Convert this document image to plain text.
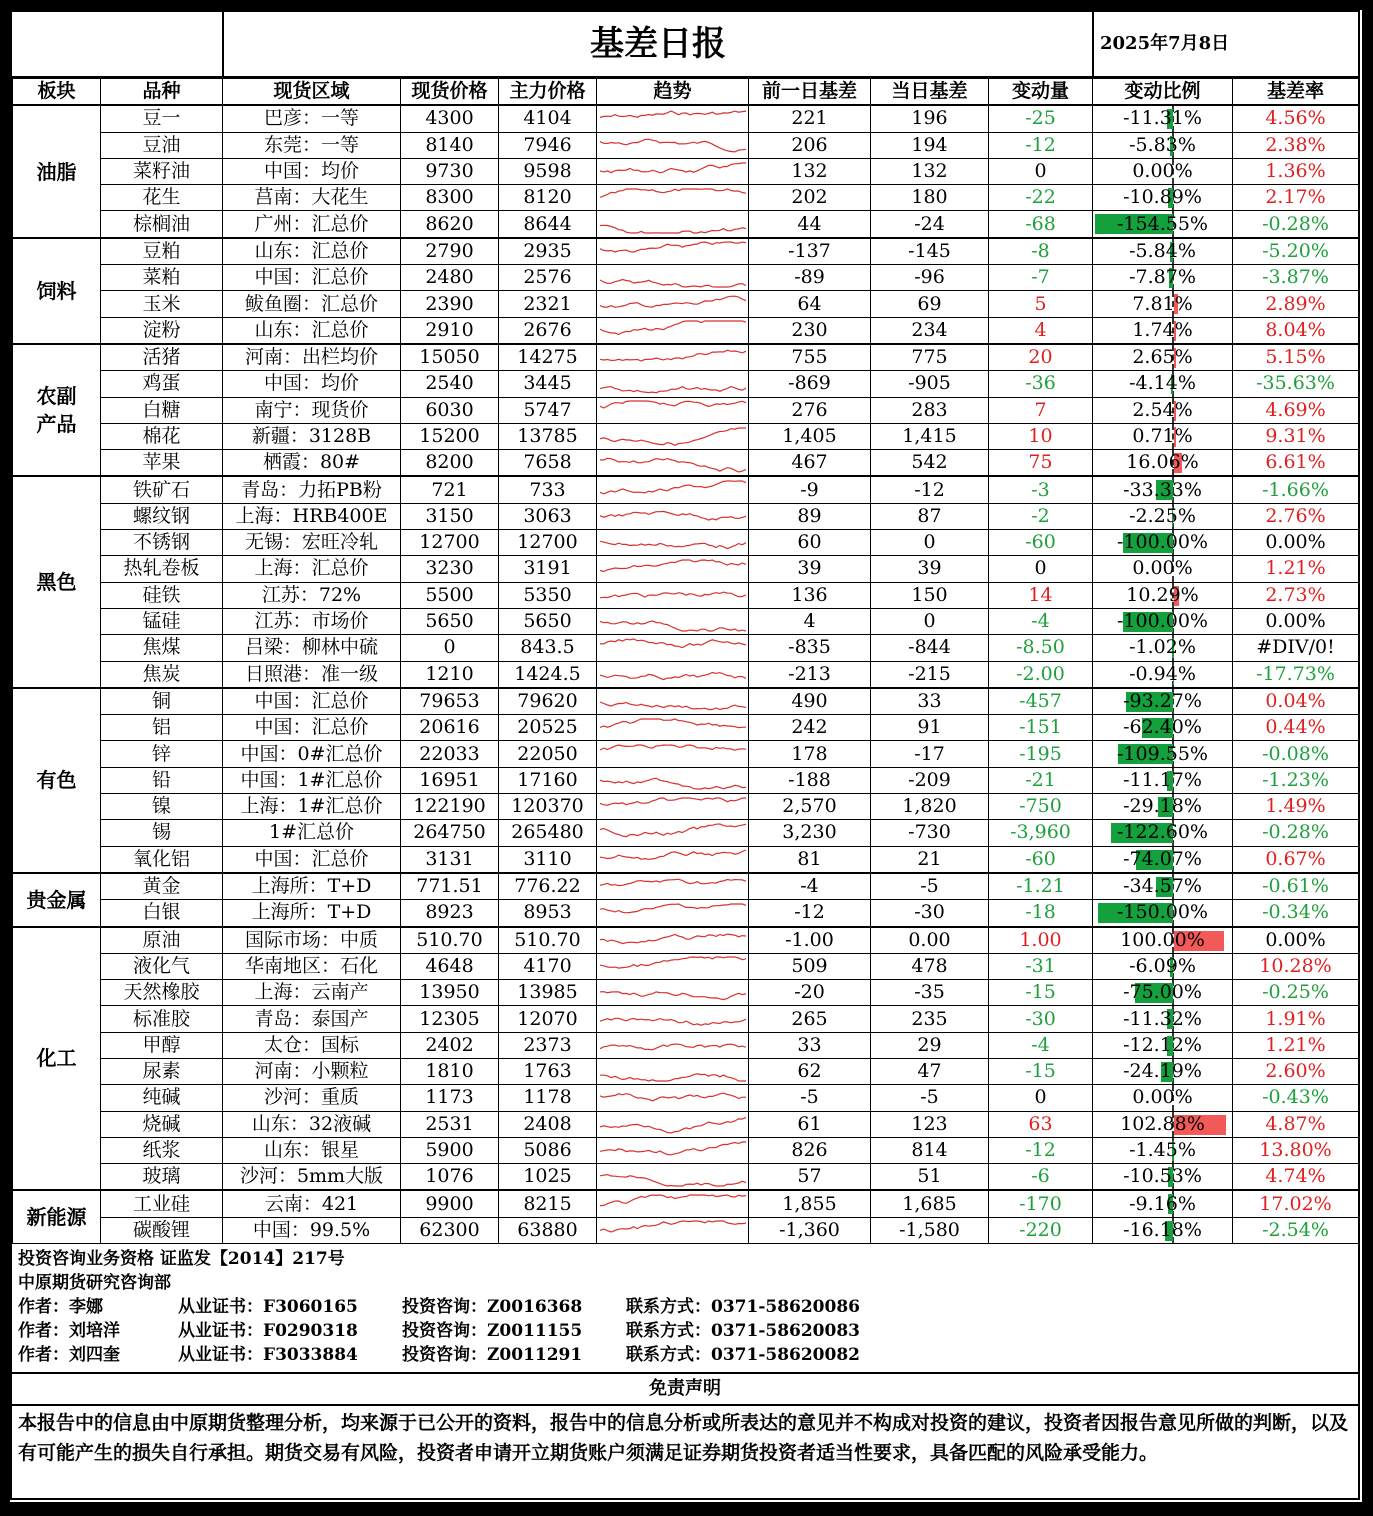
基差日报	2025年7月8日
板块	品种	现货区域	现货价格	主力价格	趋势	前一日基差	当日基差	变动量	变动比例	基差率
油脂	豆一	巴彦：一等	4300	4104		221	196	-25	-11.31%	4.56%
	豆油	东莞：一等	8140	7946		206	194	-12	-5.83%	2.38%
	菜籽油	中国：均价	9730	9598		132	132	0	0.00%	1.36%
	花生	莒南：大花生	8300	8120		202	180	-22	-10.89%	2.17%
	棕榈油	广州：汇总价	8620	8644		44	-24	-68	-154.55%	-0.28%
饲料	豆粕	山东：汇总价	2790	2935		-137	-145	-8	-5.84%	-5.20%
	菜粕	中国：汇总价	2480	2576		-89	-96	-7	-7.87%	-3.87%
	玉米	鲅鱼圈：汇总价	2390	2321		64	69	5	7.81%	2.89%
	淀粉	山东：汇总价	2910	2676		230	234	4	1.74%	8.04%
农副
产品	活猪	河南：出栏均价	15050	14275		755	775	20	2.65%	5.15%
	鸡蛋	中国：均价	2540	3445		-869	-905	-36	-4.14%	-35.63%
	白糖	南宁：现货价	6030	5747		276	283	7	2.54%	4.69%
	棉花	新疆：3128B	15200	13785		1,405	1,415	10	0.71%	9.31%
	苹果	栖霞：80#	8200	7658		467	542	75	16.06%	6.61%
黑色	铁矿石	青岛：力拓PB粉	721	733		-9	-12	-3	-33.33%	-1.66%
	螺纹钢	上海：HRB400E	3150	3063		89	87	-2	-2.25%	2.76%
	不锈钢	无锡：宏旺冷轧	12700	12700		60	0	-60	-100.00%	0.00%
	热轧卷板	上海：汇总价	3230	3191		39	39	0	0.00%	1.21%
	硅铁	江苏：72%	5500	5350		136	150	14	10.29%	2.73%
	锰硅	江苏：市场价	5650	5650		4	0	-4	-100.00%	0.00%
	焦煤	吕梁：柳林中硫	0	843.5		-835	-844	-8.50	-1.02%	#DIV/0!
	焦炭	日照港：准一级	1210	1424.5		-213	-215	-2.00	-0.94%	-17.73%
有色	铜	中国：汇总价	79653	79620		490	33	-457	-93.27%	0.04%
	铝	中国：汇总价	20616	20525		242	91	-151	-62.40%	0.44%
	锌	中国：0#汇总价	22033	22050		178	-17	-195	-109.55%	-0.08%
	铅	中国：1#汇总价	16951	17160		-188	-209	-21	-11.17%	-1.23%
	镍	上海：1#汇总价	122190	120370		2,570	1,820	-750	-29.18%	1.49%
	锡	1#汇总价	264750	265480		3,230	-730	-3,960	-122.60%	-0.28%
	氧化铝	中国：汇总价	3131	3110		81	21	-60	-74.07%	0.67%
贵金属	黄金	上海所：T+D	771.51	776.22		-4	-5	-1.21	-34.57%	-0.61%
	白银	上海所：T+D	8923	8953		-12	-30	-18	-150.00%	-0.34%
化工	原油	国际市场：中质	510.70	510.70		-1.00	0.00	1.00	100.00%	0.00%
	液化气	华南地区：石化	4648	4170		509	478	-31	-6.09%	10.28%
	天然橡胶	上海：云南产	13950	13985		-20	-35	-15	-75.00%	-0.25%
	标准胶	青岛：泰国产	12305	12070		265	235	-30	-11.32%	1.91%
	甲醇	太仓：国标	2402	2373		33	29	-4	-12.12%	1.21%
	尿素	河南：小颗粒	1810	1763		62	47	-15	-24.19%	2.60%
	纯碱	沙河：重质	1173	1178		-5	-5	0	0.00%	-0.43%
	烧碱	山东：32液碱	2531	2408		61	123	63	102.88%	4.87%
	纸浆	山东：银星	5900	5086		826	814	-12	-1.45%	13.80%
	玻璃	沙河：5mm大版	1076	1025		57	51	-6	-10.53%	4.74%
新能源	工业硅	云南：421	9900	8215		1,855	1,685	-170	-9.16%	17.02%
	碳酸锂	中国：99.5%	62300	63880		-1,360	-1,580	-220	-16.18%	-2.54%
投资咨询业务资格 证监发【2014】217号
中原期货研究咨询部
作者：李娜	从业证书：F3060165	投资咨询：Z0016368	联系方式：0371-58620086
作者：刘培洋	从业证书：F0290318	投资咨询：Z0011155	联系方式：0371-58620083
作者：刘四奎	从业证书：F3033884	投资咨询：Z0011291	联系方式：0371-58620082
免责声明
本报告中的信息由中原期货整理分析，均来源于已公开的资料，报告中的信息分析或所表达的意见并不构成对投资的建议，投资者因报告意见所做的判断，以及有可能产生的损失自行承担。期货交易有风险，投资者申请开立期货账户须满足证券期货投资者适当性要求，具备匹配的风险承受能力。
